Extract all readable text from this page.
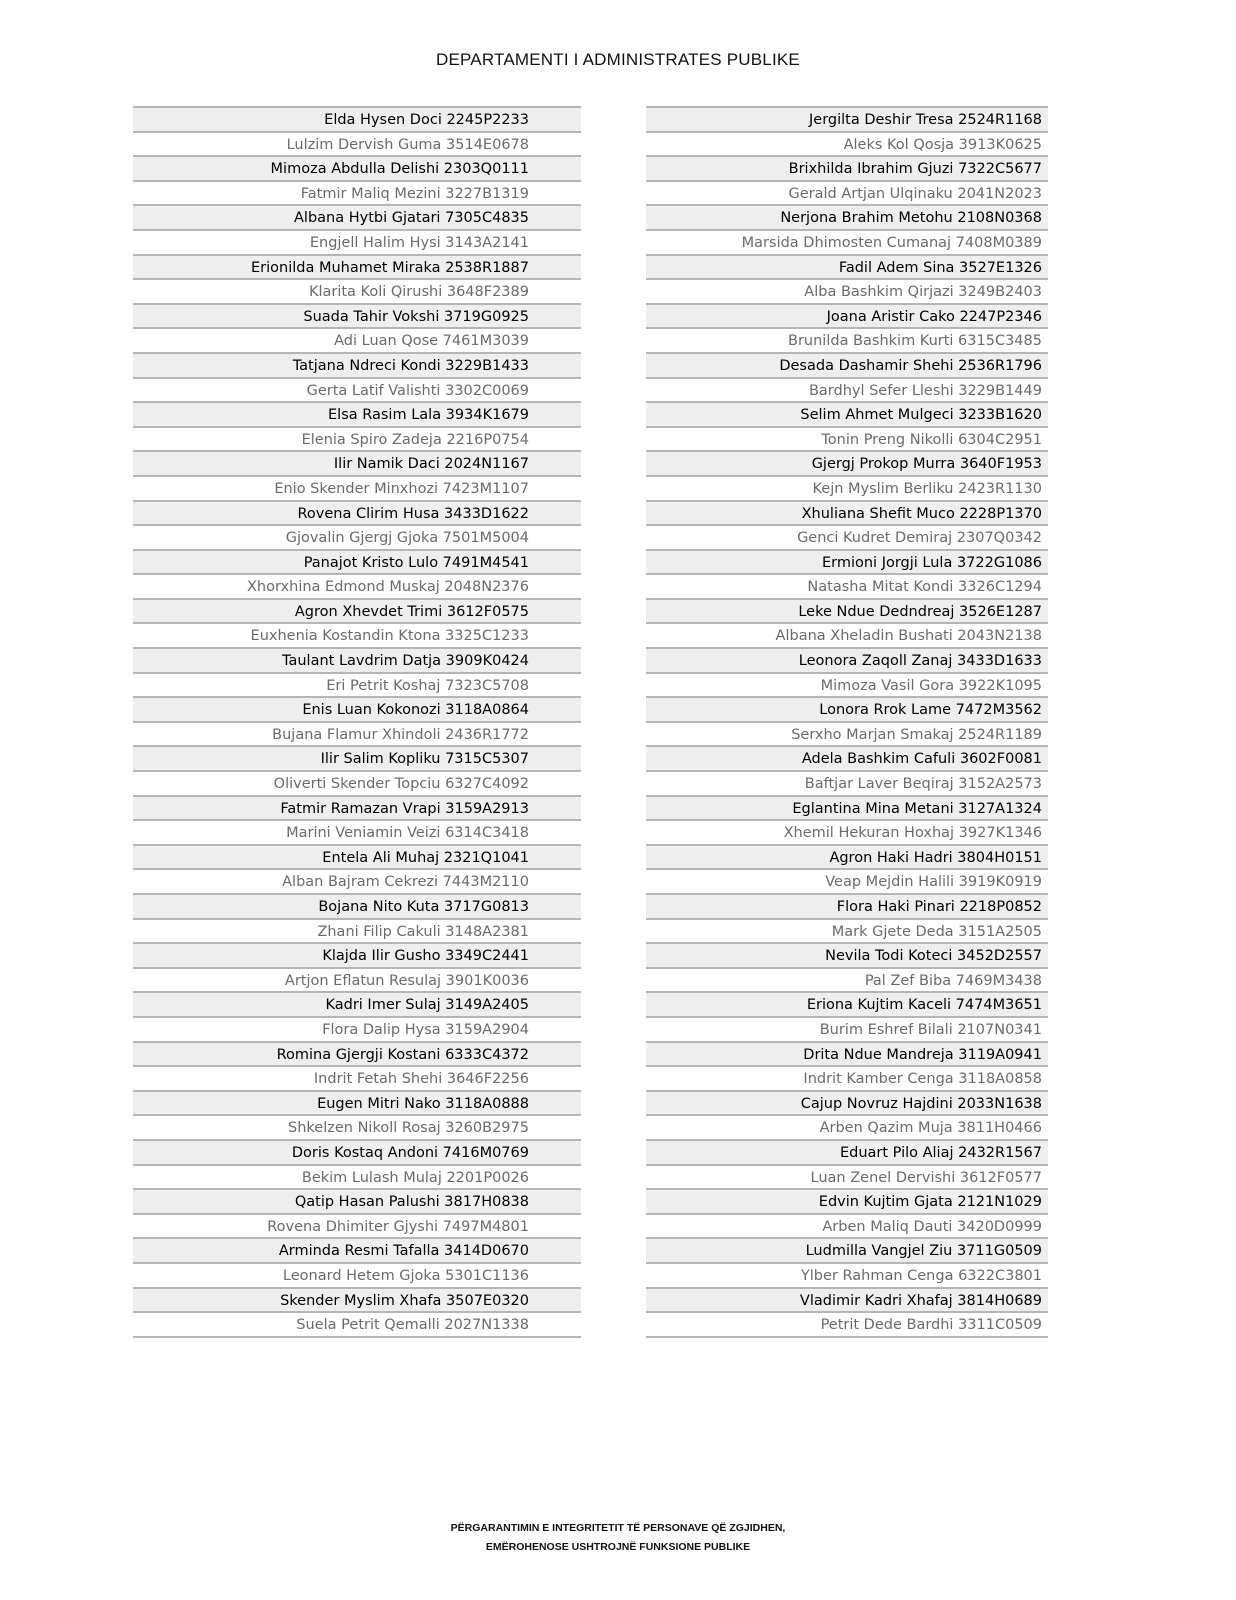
DEPARTAMENTI I ADMINISTRATES PUBLIKE
Elda Hysen Doci 2245P2233
Lulzim Dervish Guma 3514E0678
Mimoza Abdulla Delishi 2303Q0111
Fatmir Maliq Mezini 3227B1319
Albana Hytbi Gjatari 7305C4835
Engjell Halim Hysi 3143A2141
Erionilda Muhamet Miraka 2538R1887
Klarita Koli Qirushi 3648F2389
Suada Tahir Vokshi 3719G0925
Adi Luan Qose 7461M3039
Tatjana Ndreci Kondi 3229B1433
Gerta Latif Valishti 3302C0069
Elsa Rasim Lala 3934K1679
Elenia Spiro Zadeja 2216P0754
Ilir Namik Daci 2024N1167
Enio Skender Minxhozi 7423M1107
Rovena Clirim Husa 3433D1622
Gjovalin Gjergj Gjoka 7501M5004
Panajot Kristo Lulo 7491M4541
Xhorxhina Edmond Muskaj 2048N2376
Agron Xhevdet Trimi 3612F0575
Euxhenia Kostandin Ktona 3325C1233
Taulant Lavdrim Datja 3909K0424
Eri Petrit Koshaj 7323C5708
Enis Luan Kokonozi 3118A0864
Bujana Flamur Xhindoli 2436R1772
Ilir Salim Kopliku 7315C5307
Oliverti Skender Topciu 6327C4092
Fatmir Ramazan Vrapi 3159A2913
Marini Veniamin Veizi 6314C3418
Entela Ali Muhaj 2321Q1041
Alban Bajram Cekrezi 7443M2110
Bojana Nito Kuta 3717G0813
Zhani Filip Cakuli 3148A2381
Klajda Ilir Gusho 3349C2441
Artjon Eflatun Resulaj 3901K0036
Kadri Imer Sulaj 3149A2405
Flora Dalip Hysa 3159A2904
Romina Gjergji Kostani 6333C4372
Indrit Fetah Shehi 3646F2256
Eugen Mitri Nako 3118A0888
Shkelzen Nikoll Rosaj 3260B2975
Doris Kostaq Andoni 7416M0769
Bekim Lulash Mulaj 2201P0026
Qatip Hasan Palushi 3817H0838
Rovena Dhimiter Gjyshi 7497M4801
Arminda Resmi Tafalla 3414D0670
Leonard Hetem Gjoka 5301C1136
Skender Myslim Xhafa 3507E0320
Suela Petrit Qemalli 2027N1338
Jergilta Deshir Tresa 2524R1168
Aleks Kol Qosja 3913K0625
Brixhilda Ibrahim Gjuzi 7322C5677
Gerald Artjan Ulqinaku 2041N2023
Nerjona Brahim Metohu 2108N0368
Marsida Dhimosten Cumanaj 7408M0389
Fadil Adem Sina 3527E1326
Alba Bashkim Qirjazi 3249B2403
Joana Aristir Cako 2247P2346
Brunilda Bashkim Kurti 6315C3485
Desada Dashamir Shehi 2536R1796
Bardhyl Sefer Lleshi 3229B1449
Selim Ahmet Mulgeci 3233B1620
Tonin Preng Nikolli 6304C2951
Gjergj Prokop Murra 3640F1953
Kejn Myslim Berliku 2423R1130
Xhuliana Shefit Muco 2228P1370
Genci Kudret Demiraj 2307Q0342
Ermioni Jorgji Lula 3722G1086
Natasha Mitat Kondi 3326C1294
Leke Ndue Dedndreaj 3526E1287
Albana Xheladin Bushati 2043N2138
Leonora Zaqoll Zanaj 3433D1633
Mimoza Vasil Gora 3922K1095
Lonora Rrok Lame 7472M3562
Serxho Marjan Smakaj 2524R1189
Adela Bashkim Cafuli 3602F0081
Baftjar Laver Beqiraj 3152A2573
Eglantina Mina Metani 3127A1324
Xhemil Hekuran Hoxhaj 3927K1346
Agron Haki Hadri 3804H0151
Veap Mejdin Halili 3919K0919
Flora Haki Pinari 2218P0852
Mark Gjete Deda 3151A2505
Nevila Todi Koteci 3452D2557
Pal Zef Biba 7469M3438
Eriona Kujtim Kaceli 7474M3651
Burim Eshref Bilali 2107N0341
Drita Ndue Mandreja 3119A0941
Indrit Kamber Cenga 3118A0858
Cajup Novruz Hajdini 2033N1638
Arben Qazim Muja 3811H0466
Eduart Pilo Aliaj 2432R1567
Luan Zenel Dervishi 3612F0577
Edvin Kujtim Gjata 2121N1029
Arben Maliq Dauti 3420D0999
Ludmilla Vangjel Ziu 3711G0509
Ylber Rahman Cenga 6322C3801
Vladimir Kadri Xhafaj 3814H0689
Petrit Dede Bardhi 3311C0509
PËRGARANTIMIN E INTEGRITETIT TË PERSONAVE QË ZGJIDHEN,
EMËROHENOSE USHTROJNË FUNKSIONE PUBLIKE
